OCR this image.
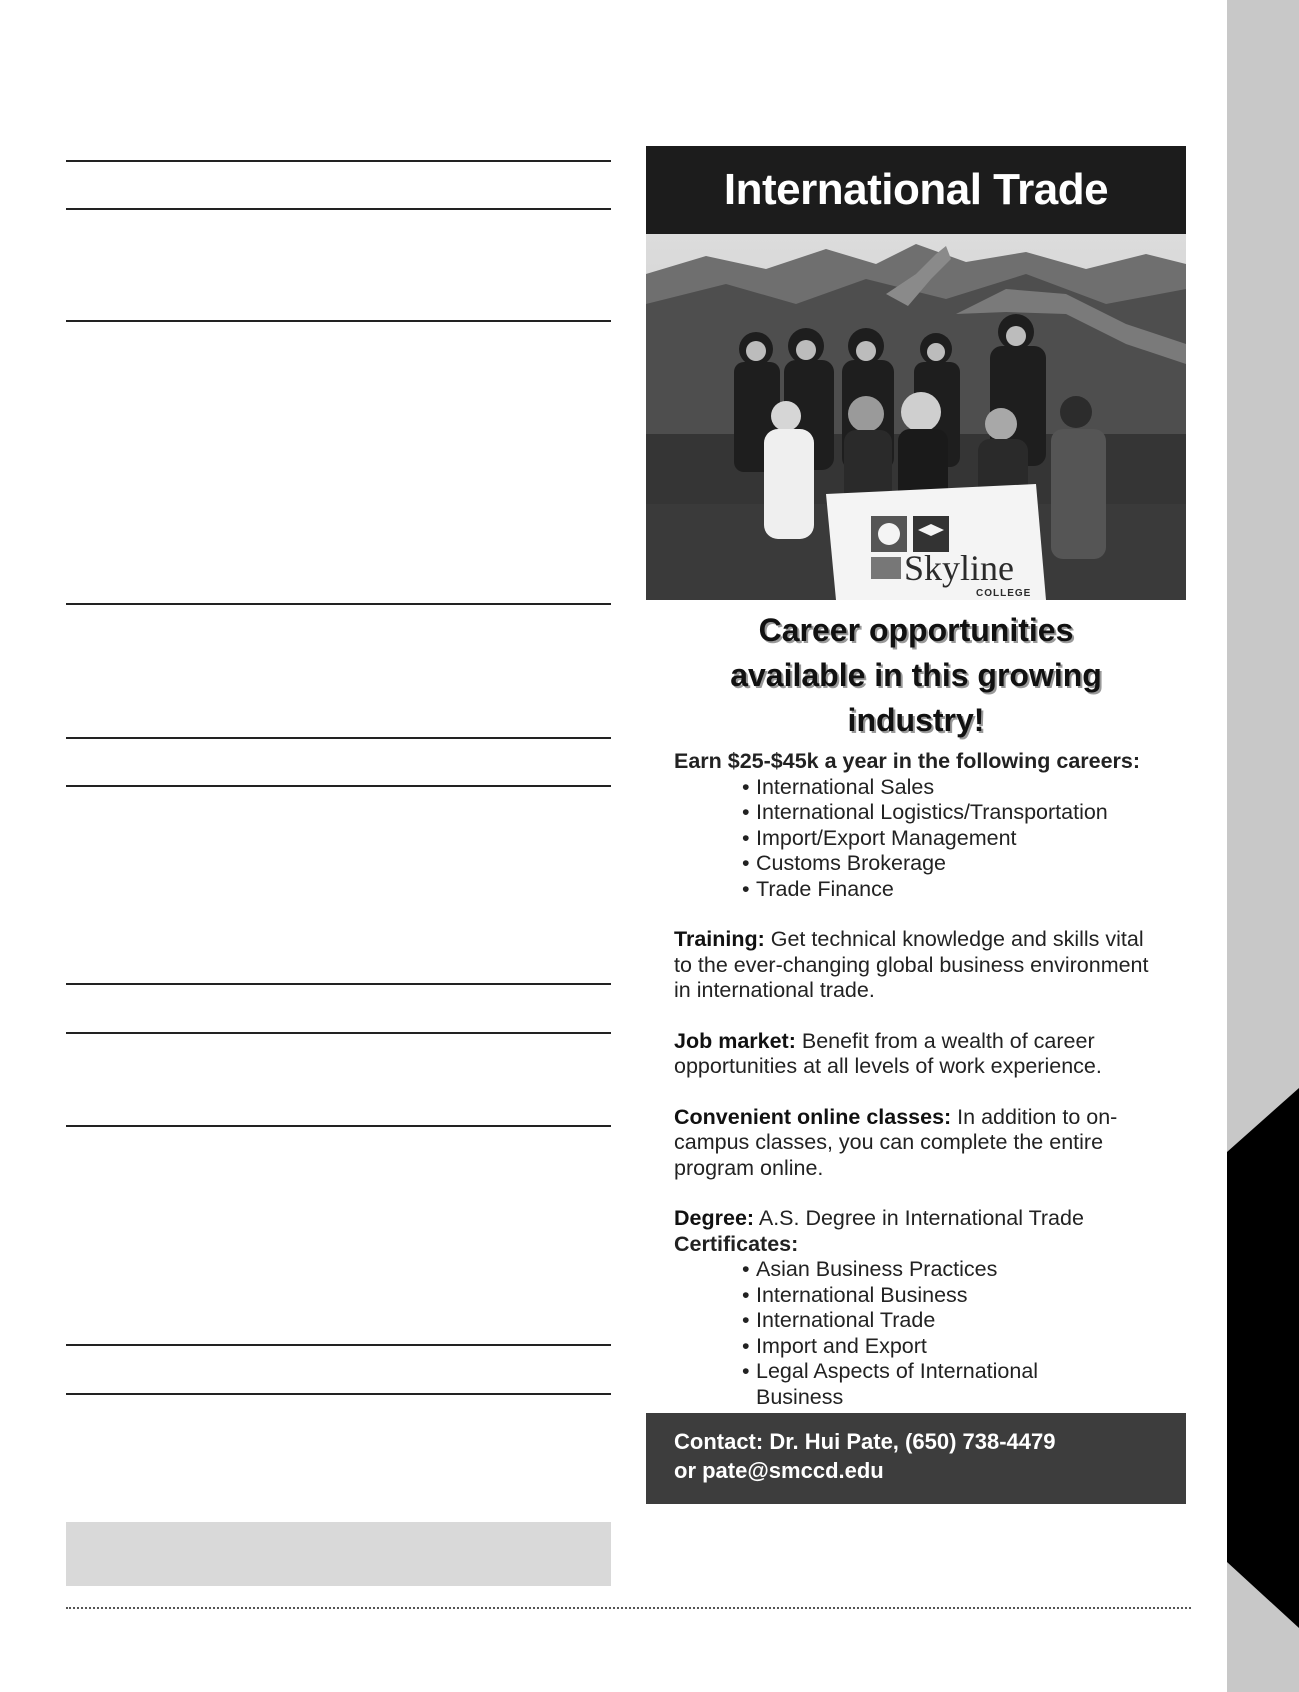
International Trade
Skyline
COLLEGE
Career opportunities
available in this growing
industry!
Earn $25-$45k a year in the following careers:
• International Sales
• International Logistics/Transportation
• Import/Export Management
• Customs Brokerage
• Trade Finance
Training: Get technical knowledge and skills vital to the ever-changing global business environment in international trade.
Job market: Benefit from a wealth of career opportunities at all levels of work experience.
Convenient online classes: In addition to on-campus classes, you can complete the entire program online.
Degree: A.S. Degree in International Trade
Certificates:
• Asian Business Practices
• International Business
• International Trade
• Import and Export
• Legal Aspects of International Business
Contact: Dr. Hui Pate, (650) 738-4479
or pate@smccd.edu
